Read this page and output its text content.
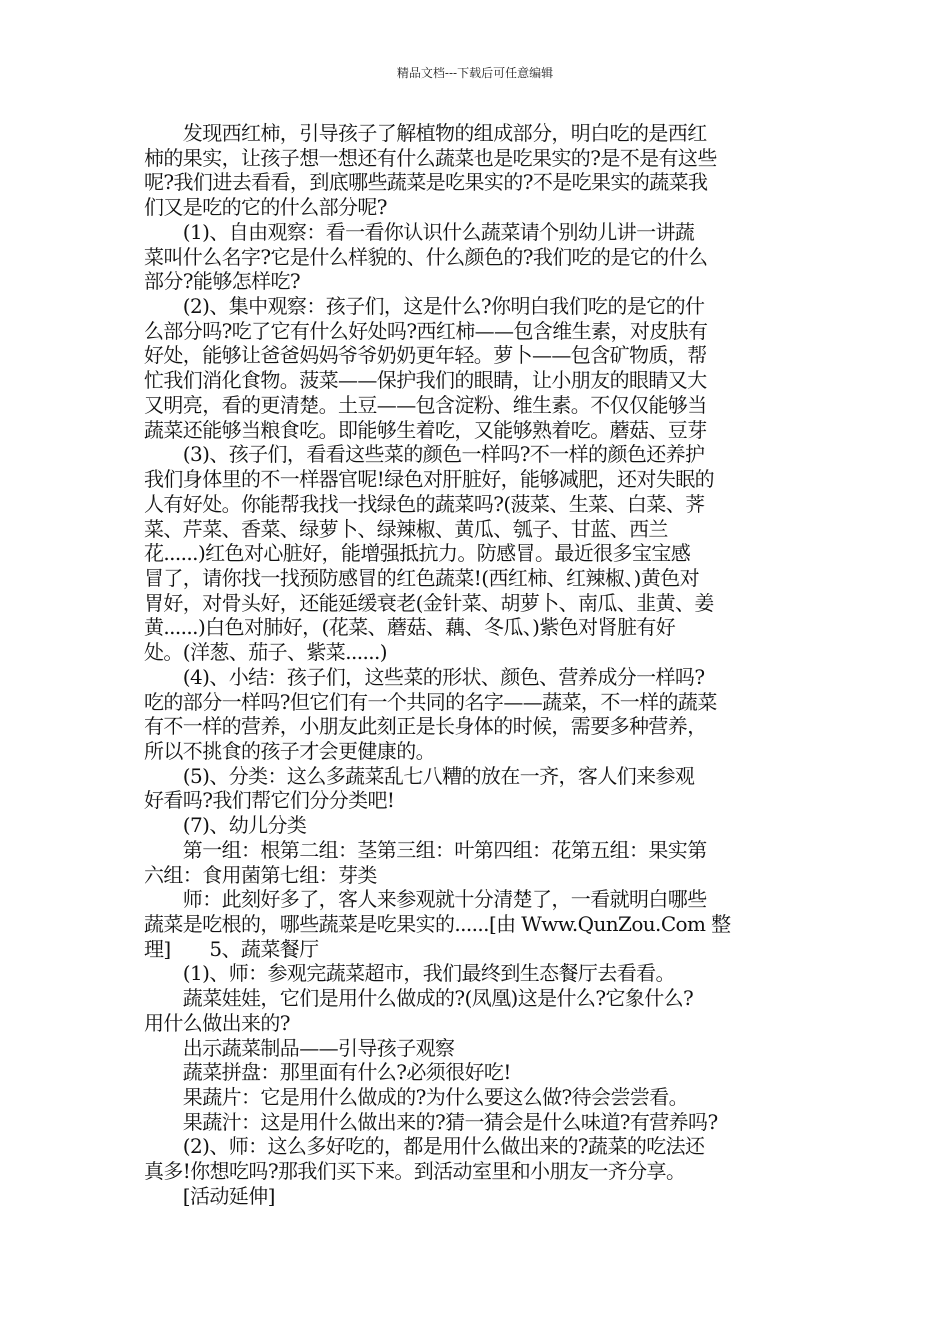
精品文档---下载后可任意编辑
　　发现西红柿，引导孩子了解植物的组成部分，明白吃的是西红
柿的果实，让孩子想一想还有什么蔬菜也是吃果实的?是不是有这些
呢?我们进去看看，到底哪些蔬菜是吃果实的?不是吃果实的蔬菜我
们又是吃的它的什么部分呢?
　　(1)、自由观察：看一看你认识什么蔬菜请个别幼儿讲一讲蔬
菜叫什么名字?它是什么样貌的、什么颜色的?我们吃的是它的什么
部分?能够怎样吃?
　　(2)、集中观察：孩子们，这是什么?你明白我们吃的是它的什
么部分吗?吃了它有什么好处吗?西红柿——包含维生素，对皮肤有
好处，能够让爸爸妈妈爷爷奶奶更年轻。萝卜——包含矿物质，帮
忙我们消化食物。菠菜——保护我们的眼睛，让小朋友的眼睛又大
又明亮，看的更清楚。土豆——包含淀粉、维生素。不仅仅能够当
蔬菜还能够当粮食吃。即能够生着吃，又能够熟着吃。蘑菇、豆芽
　　(3)、孩子们，看看这些菜的颜色一样吗?不一样的颜色还养护
我们身体里的不一样器官呢!绿色对肝脏好，能够减肥，还对失眠的
人有好处。你能帮我找一找绿色的蔬菜吗?(菠菜、生菜、白菜、荠
菜、芹菜、香菜、绿萝卜、绿辣椒、黄瓜、瓠子、甘蓝、西兰
花......)红色对心脏好，能增强抵抗力。防感冒。最近很多宝宝感
冒了，请你找一找预防感冒的红色蔬菜!(西红柿、红辣椒、)黄色对
胃好，对骨头好，还能延缓衰老(金针菜、胡萝卜、南瓜、韭黄、姜
黄......)白色对肺好，(花菜、蘑菇、藕、冬瓜、)紫色对肾脏有好
处。(洋葱、茄子、紫菜......)
　　(4)、小结：孩子们，这些菜的形状、颜色、营养成分一样吗?
吃的部分一样吗?但它们有一个共同的名字——蔬菜，不一样的蔬菜
有不一样的营养，小朋友此刻正是长身体的时候，需要多种营养，
所以不挑食的孩子才会更健康的。
　　(5)、分类：这么多蔬菜乱七八糟的放在一齐，客人们来参观
好看吗?我们帮它们分分类吧!
　　(7)、幼儿分类
　　第一组：根第二组：茎第三组：叶第四组：花第五组：果实第
六组：食用菌第七组：芽类
　　师：此刻好多了，客人来参观就十分清楚了，一看就明白哪些
蔬菜是吃根的，哪些蔬菜是吃果实的......[由 Www.QunZou.Com 整
理]　　5、蔬菜餐厅
　　(1)、师：参观完蔬菜超市，我们最终到生态餐厅去看看。
　　蔬菜娃娃，它们是用什么做成的?(凤凰)这是什么?它象什么?
用什么做出来的?
　　出示蔬菜制品——引导孩子观察
　　蔬菜拼盘：那里面有什么?必须很好吃!
　　果蔬片：它是用什么做成的?为什么要这么做?待会尝尝看。
　　果蔬汁：这是用什么做出来的?猜一猜会是什么味道?有营养吗?
　　(2)、师：这么多好吃的，都是用什么做出来的?蔬菜的吃法还
真多!你想吃吗?那我们买下来。到活动室里和小朋友一齐分享。
　　[活动延伸]
